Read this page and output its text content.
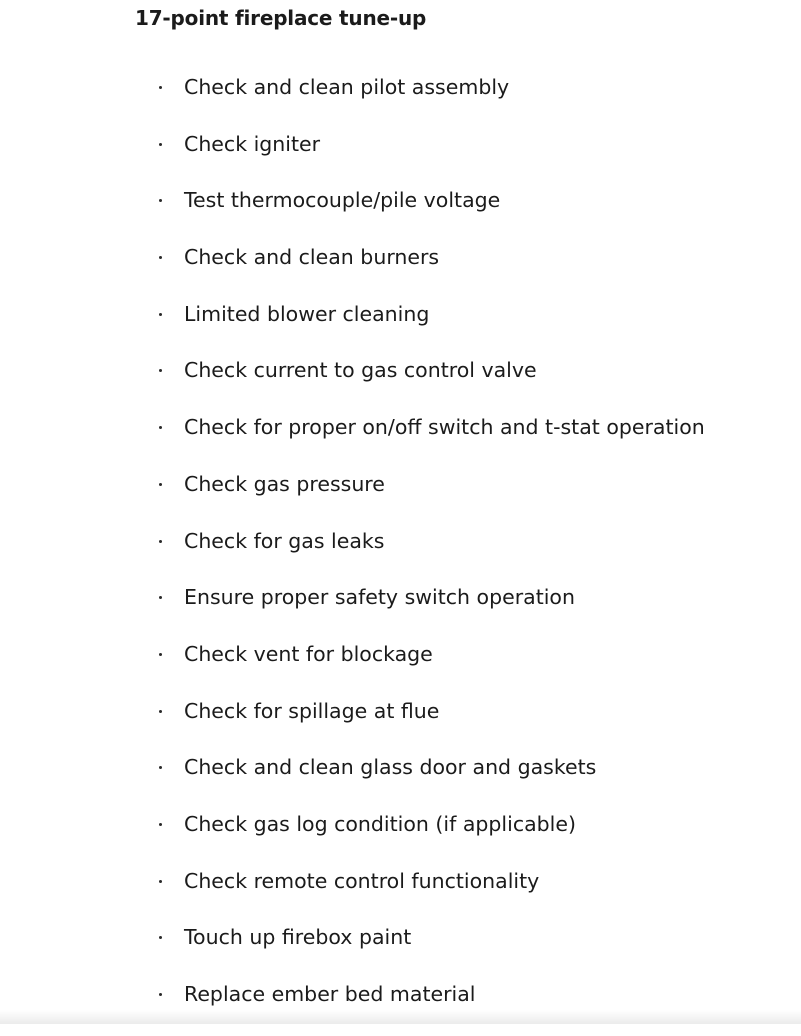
17-point fireplace tune-up
Check and clean pilot assembly
Check igniter
Test thermocouple/pile voltage
Check and clean burners
Limited blower cleaning
Check current to gas control valve
Check for proper on/off switch and t-stat operation
Check gas pressure
Check for gas leaks
Ensure proper safety switch operation
Check vent for blockage
Check for spillage at flue
Check and clean glass door and gaskets
Check gas log condition (if applicable)
Check remote control functionality
Touch up firebox paint
Replace ember bed material
